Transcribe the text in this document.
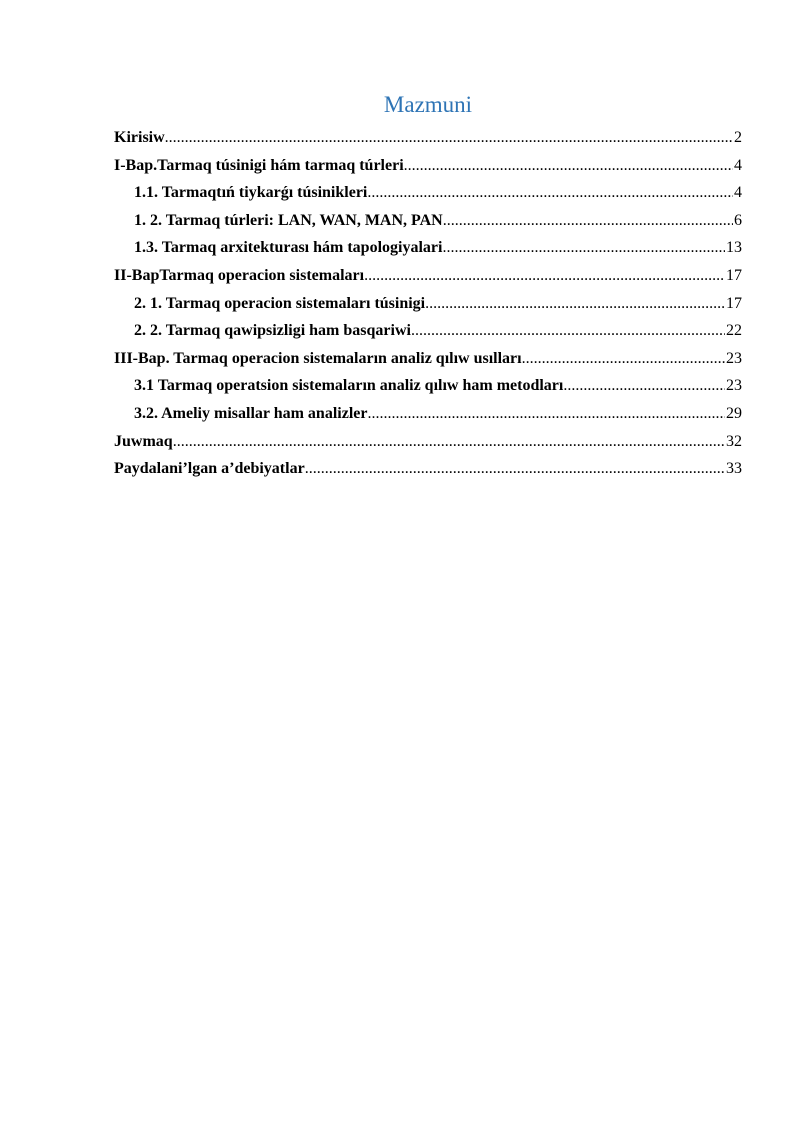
Mazmuni
Kirisiw .....	2
I-Bap.Tarmaq túsinigi hám tarmaq túrleri .....	4
1.1. Tarmaqtıń tiykarǵı túsinikleri .....	4
1. 2. Tarmaq túrleri: LAN, WAN, MAN, PAN .....	6
1.3. Tarmaq arxitekturası hám tapologiyalari .....	13
II-BapTarmaq operacion sistemaları .....	17
2. 1. Tarmaq operacion sistemaları túsinigi .....	17
2. 2. Tarmaq qawipsizligi ham basqariwi .....	22
III-Bap. Tarmaq operacion sistemaların analiz qılıw usılları .....	23
3.1 Tarmaq operatsion sistemaların analiz qılıw ham metodları .....	23
3.2. Ameliy misallar ham analizler .....	29
Juwmaq .....	32
Paydalani’lgan a’debiyatlar .....	33
